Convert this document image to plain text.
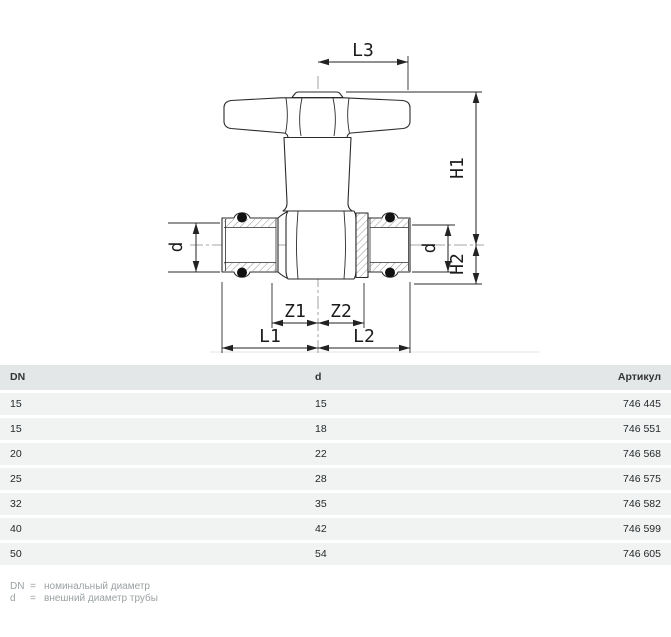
L3
H1
H2
d	d
Z1 Z2
L1	L2
DN	d	Артикул
15	15	746 445
15	18	746 551
20	22	746 568
25	28	746 575
32	35	746 582
40	42	746 599
50	54	746 605
DN = номинальный диаметр
d	= внешний диаметр трубы
